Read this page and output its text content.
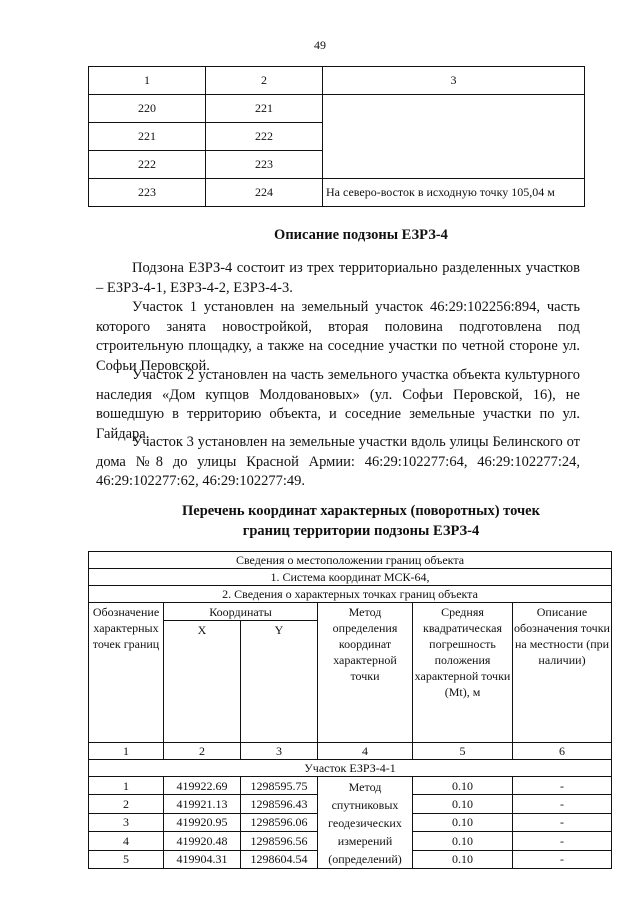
49
1	2	3
220	221	
221	222	
222	223	
223	224	На северо-восток в исходную точку 105,04 м
Описание подзоны ЕЗРЗ-4

Подзона ЕЗРЗ-4 состоит из трех территориально разделенных участков – ЕЗРЗ-4-1, ЕЗРЗ-4-2, ЕЗРЗ-4-3.

Участок 1 установлен на земельный участок 46:29:102256:894, часть которого занята новостройкой, вторая половина подготовлена под строительную площадку, а также на соседние участки по четной стороне ул. Софьи Перовской.

Участок 2 установлен на часть земельного участка объекта культурного наследия «Дом купцов Молдовановых» (ул. Софьи Перовской, 16), не вошедшую в территорию объекта, и соседние земельные участки по ул. Гайдара.

Участок 3 установлен на земельные участки вдоль улицы Белинского от дома №8 до улицы Красной Армии: 46:29:102277:64, 46:29:102277:24, 46:29:102277:62, 46:29:102277:49.

Перечень координат характерных (поворотных) точек
границ территории подзоны ЕЗРЗ-4
Сведения о местоположении границ объекта					
1. Система координат МСК-64,					
2. Сведения о характерных точках границ объекта					
Обозначение характерных точек границ	Координаты		Метод определения координат характерной точки	Средняя квадратическая погрешность положения характерной точки (Mt), м	Описание обозначения точки на местности (при наличии)
	X	Y			
1	2	3	4	5	6
Участок ЕЗРЗ-4-1					
1	419922.69	1298595.75	Метод спутниковых геодезических измерений (определений)	0.10	-
2	419921.13	1298596.43		0.10	-
3	419920.95	1298596.06		0.10	-
4	419920.48	1298596.56		0.10	-
5	419904.31	1298604.54		0.10	-
